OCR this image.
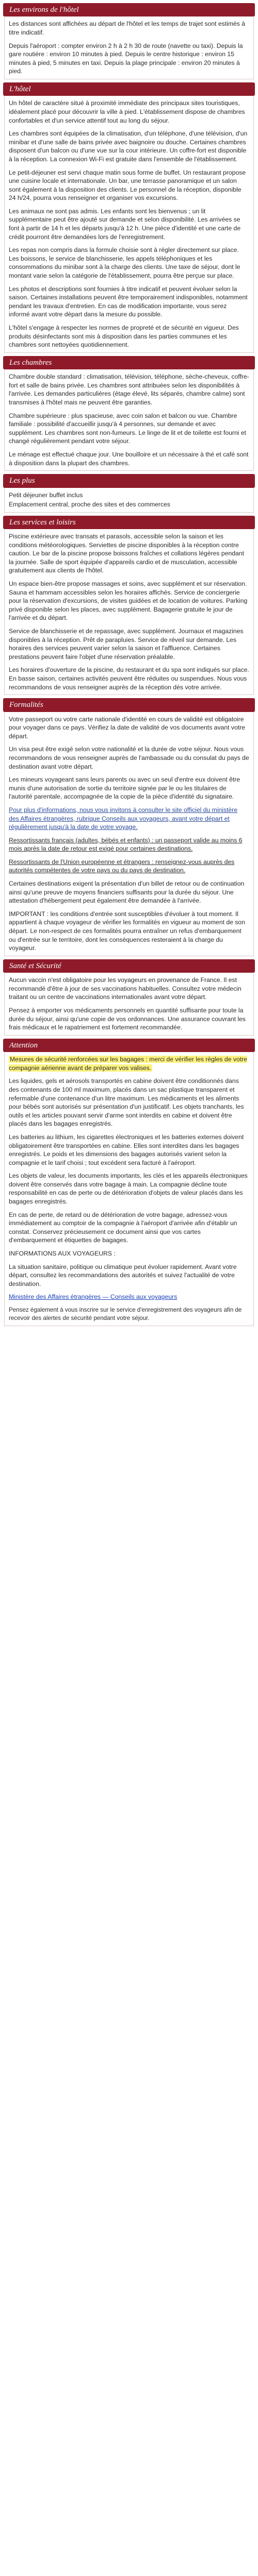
Les environs de l'hôtel

Les distances sont affichées au départ de l'hôtel et les temps de trajet sont estimés à titre indicatif.

Depuis l'aéroport : compter environ 2 h à 2 h 30 de route (navette ou taxi). Depuis la gare routière : environ 10 minutes à pied. Depuis le centre historique : environ 15 minutes à pied, 5 minutes en taxi. Depuis la plage principale : environ 20 minutes à pied.

L'hôtel

Un hôtel de caractère situé à proximité immédiate des principaux sites touristiques, idéalement placé pour découvrir la ville à pied. L'établissement dispose de chambres confortables et d'un service attentif tout au long du séjour.

Les chambres sont équipées de la climatisation, d'un téléphone, d'une télévision, d'un minibar et d'une salle de bains privée avec baignoire ou douche. Certaines chambres disposent d'un balcon ou d'une vue sur la cour intérieure. Un coffre-fort est disponible à la réception. La connexion Wi-Fi est gratuite dans l'ensemble de l'établissement.

Le petit-déjeuner est servi chaque matin sous forme de buffet. Un restaurant propose une cuisine locale et internationale. Un bar, une terrasse panoramique et un salon sont également à la disposition des clients. Le personnel de la réception, disponible 24 h/24, pourra vous renseigner et organiser vos excursions.

Les animaux ne sont pas admis. Les enfants sont les bienvenus ; un lit supplémentaire peut être ajouté sur demande et selon disponibilité. Les arrivées se font à partir de 14 h et les départs jusqu'à 12 h. Une pièce d'identité et une carte de crédit pourront être demandées lors de l'enregistrement.

Les repas non compris dans la formule choisie sont à régler directement sur place. Les boissons, le service de blanchisserie, les appels téléphoniques et les consommations du minibar sont à la charge des clients. Une taxe de séjour, dont le montant varie selon la catégorie de l'établissement, pourra être perçue sur place.

Les photos et descriptions sont fournies à titre indicatif et peuvent évoluer selon la saison. Certaines installations peuvent être temporairement indisponibles, notamment pendant les travaux d'entretien. En cas de modification importante, vous serez informé avant votre départ dans la mesure du possible.

L'hôtel s'engage à respecter les normes de propreté et de sécurité en vigueur. Des produits désinfectants sont mis à disposition dans les parties communes et les chambres sont nettoyées quotidiennement.

Les chambres

Chambre double standard : climatisation, télévision, téléphone, sèche-cheveux, coffre-fort et salle de bains privée. Les chambres sont attribuées selon les disponibilités à l'arrivée. Les demandes particulières (étage élevé, lits séparés, chambre calme) sont transmises à l'hôtel mais ne peuvent être garanties.

Chambre supérieure : plus spacieuse, avec coin salon et balcon ou vue. Chambre familiale : possibilité d'accueillir jusqu'à 4 personnes, sur demande et avec supplément. Les chambres sont non-fumeurs. Le linge de lit et de toilette est fourni et changé régulièrement pendant votre séjour.

Le ménage est effectué chaque jour. Une bouilloire et un nécessaire à thé et café sont à disposition dans la plupart des chambres.

Les plus

Petit déjeuner buffet inclus

Emplacement central, proche des sites et des commerces

Les services et loisirs

Piscine extérieure avec transats et parasols, accessible selon la saison et les conditions météorologiques. Serviettes de piscine disponibles à la réception contre caution. Le bar de la piscine propose boissons fraîches et collations légères pendant la journée. Salle de sport équipée d'appareils cardio et de musculation, accessible gratuitement aux clients de l'hôtel.

Un espace bien-être propose massages et soins, avec supplément et sur réservation. Sauna et hammam accessibles selon les horaires affichés. Service de conciergerie pour la réservation d'excursions, de visites guidées et de location de voitures. Parking privé disponible selon les places, avec supplément. Bagagerie gratuite le jour de l'arrivée et du départ.

Service de blanchisserie et de repassage, avec supplément. Journaux et magazines disponibles à la réception. Prêt de parapluies. Service de réveil sur demande. Les horaires des services peuvent varier selon la saison et l'affluence. Certaines prestations peuvent faire l'objet d'une réservation préalable.

Les horaires d'ouverture de la piscine, du restaurant et du spa sont indiqués sur place. En basse saison, certaines activités peuvent être réduites ou suspendues. Nous vous recommandons de vous renseigner auprès de la réception dès votre arrivée.

Formalités

Votre passeport ou votre carte nationale d'identité en cours de validité est obligatoire pour voyager dans ce pays. Vérifiez la date de validité de vos documents avant votre départ.

Un visa peut être exigé selon votre nationalité et la durée de votre séjour. Nous vous recommandons de vous renseigner auprès de l'ambassade ou du consulat du pays de destination avant votre départ.

Les mineurs voyageant sans leurs parents ou avec un seul d'entre eux doivent être munis d'une autorisation de sortie du territoire signée par le ou les titulaires de l'autorité parentale, accompagnée de la copie de la pièce d'identité du signataire.

Pour plus d'informations, nous vous invitons à consulter le site officiel du ministère des Affaires étrangères, rubrique Conseils aux voyageurs, avant votre départ et régulièrement jusqu'à la date de votre voyage.

Ressortissants français (adultes, bébés et enfants) : un passeport valide au moins 6 mois après la date de retour est exigé pour certaines destinations.

Ressortissants de l'Union européenne et étrangers : renseignez-vous auprès des autorités compétentes de votre pays ou du pays de destination.

Certaines destinations exigent la présentation d'un billet de retour ou de continuation ainsi qu'une preuve de moyens financiers suffisants pour la durée du séjour. Une attestation d'hébergement peut également être demandée à l'arrivée.

IMPORTANT : les conditions d'entrée sont susceptibles d'évoluer à tout moment. Il appartient à chaque voyageur de vérifier les formalités en vigueur au moment de son départ. Le non-respect de ces formalités pourra entraîner un refus d'embarquement ou d'entrée sur le territoire, dont les conséquences resteraient à la charge du voyageur.

Santé et Sécurité

Aucun vaccin n'est obligatoire pour les voyageurs en provenance de France. Il est recommandé d'être à jour de ses vaccinations habituelles. Consultez votre médecin traitant ou un centre de vaccinations internationales avant votre départ.

Pensez à emporter vos médicaments personnels en quantité suffisante pour toute la durée du séjour, ainsi qu'une copie de vos ordonnances. Une assurance couvrant les frais médicaux et le rapatriement est fortement recommandée.

Attention

Mesures de sécurité renforcées sur les bagages : merci de vérifier les règles de votre compagnie aérienne avant de préparer vos valises.

Les liquides, gels et aérosols transportés en cabine doivent être conditionnés dans des contenants de 100 ml maximum, placés dans un sac plastique transparent et refermable d'une contenance d'un litre maximum. Les médicaments et les aliments pour bébés sont autorisés sur présentation d'un justificatif. Les objets tranchants, les outils et les articles pouvant servir d'arme sont interdits en cabine et doivent être placés dans les bagages enregistrés.

Les batteries au lithium, les cigarettes électroniques et les batteries externes doivent obligatoirement être transportées en cabine. Elles sont interdites dans les bagages enregistrés. Le poids et les dimensions des bagages autorisés varient selon la compagnie et le tarif choisi ; tout excédent sera facturé à l'aéroport.

Les objets de valeur, les documents importants, les clés et les appareils électroniques doivent être conservés dans votre bagage à main. La compagnie décline toute responsabilité en cas de perte ou de détérioration d'objets de valeur placés dans les bagages enregistrés.

En cas de perte, de retard ou de détérioration de votre bagage, adressez-vous immédiatement au comptoir de la compagnie à l'aéroport d'arrivée afin d'établir un constat. Conservez précieusement ce document ainsi que vos cartes d'embarquement et étiquettes de bagages.

INFORMATIONS AUX VOYAGEURS :

La situation sanitaire, politique ou climatique peut évoluer rapidement. Avant votre départ, consultez les recommandations des autorités et suivez l'actualité de votre destination.

Ministère des Affaires étrangères — Conseils aux voyageurs

Pensez également à vous inscrire sur le service d'enregistrement des voyageurs afin de recevoir des alertes de sécurité pendant votre séjour.
